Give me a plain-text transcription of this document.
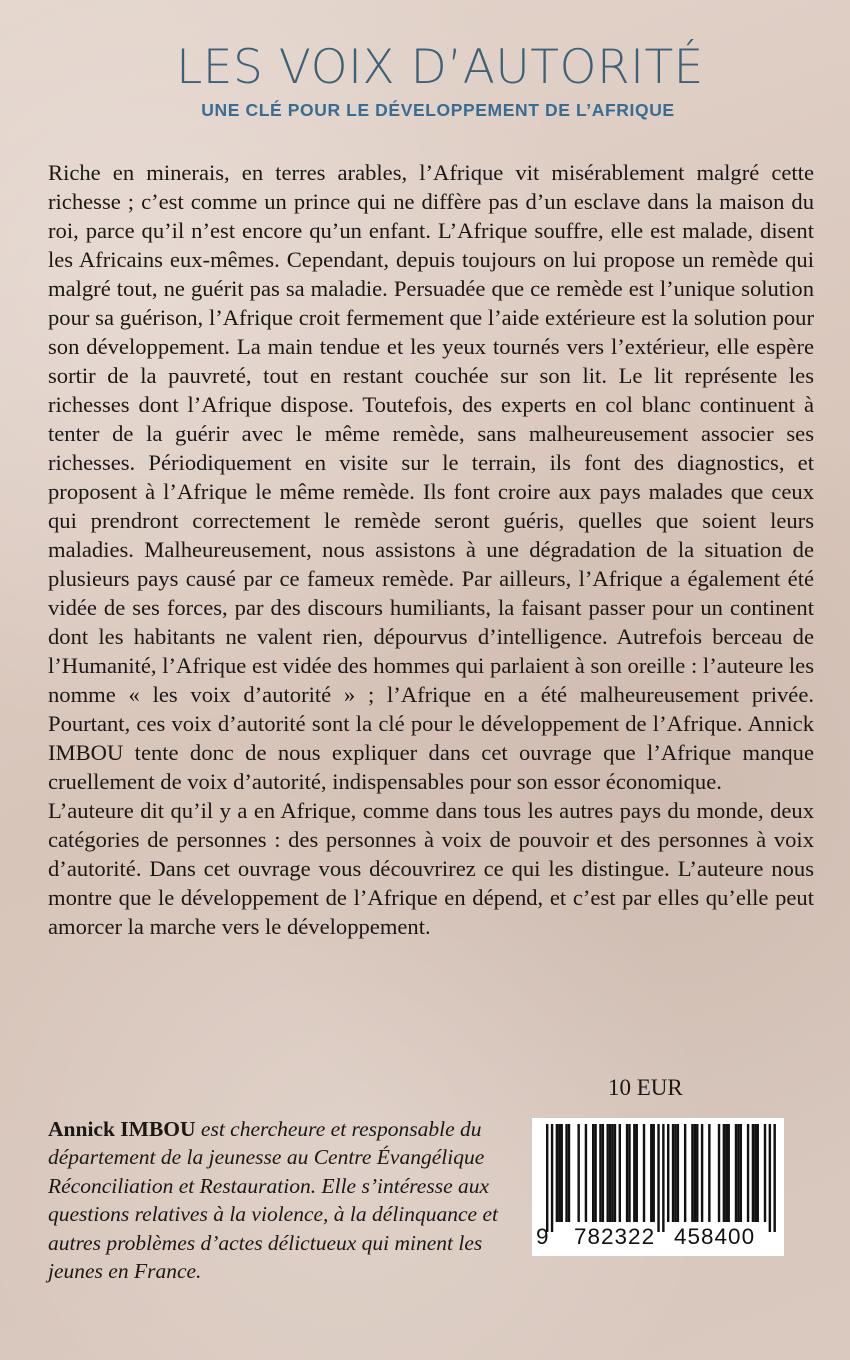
LES VOIX D’AUTORITÉ
UNE CLÉ POUR LE DÉVELOPPEMENT DE L’AFRIQUE

Riche en minerais, en terres arables, l’Afrique vit misérablement malgré cette richesse ; c’est comme un prince qui ne diffère pas d’un esclave dans la maison du roi, parce qu’il n’est encore qu’un enfant. L’Afrique souffre, elle est malade, disent les Africains eux-mêmes. Cependant, depuis toujours on lui propose un remède qui malgré tout, ne guérit pas sa maladie. Persuadée que ce remède est l’unique solution pour sa guérison, l’Afrique croit fermement que l’aide extérieure est la solution pour son développement. La main tendue et les yeux tournés vers l’extérieur, elle espère sortir de la pauvreté, tout en restant couchée sur son lit. Le lit représente les richesses dont l’Afrique dispose. Toutefois, des experts en col blanc continuent à tenter de la guérir avec le même remède, sans malheureusement associer ses richesses. Périodiquement en visite sur le terrain, ils font des diagnostics, et proposent à l’Afrique le même remède. Ils font croire aux pays malades que ceux qui prendront correctement le remède seront guéris, quelles que soient leurs maladies. Malheureusement, nous assistons à une dégradation de la situation de plusieurs pays causé par ce fameux remède. Par ailleurs, l’Afrique a également été vidée de ses forces, par des discours humiliants, la faisant passer pour un continent dont les habitants ne valent rien, dépourvus d’intelligence. Autrefois berceau de l’Humanité, l’Afrique est vidée des hommes qui parlaient à son oreille : l’auteure les nomme « les voix d’autorité » ; l’Afrique en a été malheureusement privée. Pourtant, ces voix d’autorité sont la clé pour le développement de l’Afrique. Annick IMBOU tente donc de nous expliquer dans cet ouvrage que l’Afrique manque cruellement de voix d’autorité, indispensables pour son essor économique.

L’auteure dit qu’il y a en Afrique, comme dans tous les autres pays du monde, deux catégories de personnes : des personnes à voix de pouvoir et des personnes à voix d’autorité. Dans cet ouvrage vous découvrirez ce qui les distingue. L’auteure nous montre que le développement de l’Afrique en dépend, et c’est par elles qu’elle peut amorcer la marche vers le développement.

10 EUR
Annick IMBOU est chercheure et responsable du département de la jeunesse au Centre Évangélique Réconciliation et Restauration. Elle s’intéresse aux questions relatives à la violence, à la délinquance et autres problèmes d’actes délictueux qui minent les jeunes en France.
9 782322 458400
